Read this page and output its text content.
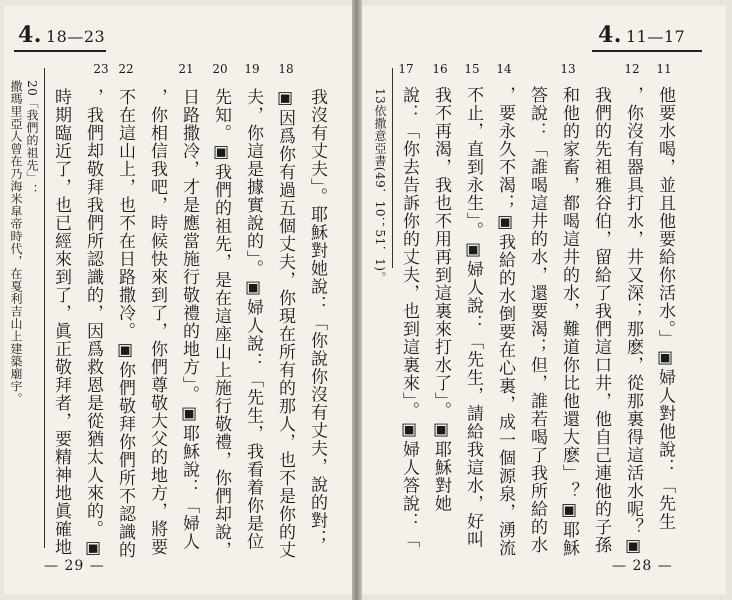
4. 18—23
23 22	21 20 19 18
我沒有丈夫」。耶穌對她說：「你說你沒有丈夫，說的對；
▣因爲你有過五個丈夫，你現在所有的那人，也不是你的丈
夫，你這是據實說的」。▣婦人說：「先生，我看着你是位
先知。▣我們的祖先，是在這座山上施行敬禮，你們却說，
日路撒冷，才是應當施行敬禮的地方」。▣耶穌說：「婦人
，你相信我吧，時候快來到了，你們尊敬大父的地方，將要
不在這山上，也不在日路撒冷。▣你們敬拜你們所不認識的
，我們却敬拜我們所認識的，因爲救恩是從猶太人來的。▣
時期臨近了，也已經來到了，眞正敬拜者，要精神地眞確地
20「我們的祖先」：
撒瑪里亞人曾在乃海米皐帝時代，在戛利吉山上建築廟宇。
— 29 —
4. 11—17
17 16 15 14	13	12 11
他要水喝，並且他要給你活水。」▣婦人對他說：「先生
，你沒有器具打水，井又深；那麽，從那裏得這活水呢？▣
我們的先祖雅谷伯，留給了我們這口井，他自己連他的子孫
和他的家畜，都喝這井的水，難道你比他還大麽」？▣耶穌
答說：「誰喝這井的水，還要渴；但，誰若喝了我所給的水
，要永久不渴；▣我給的水倒要在心裏，成一個源泉，湧流
不止，直到永生」。▣婦人說：「先生，請給我這水，好叫
我不再渴，我也不用再到這裏來打水了」。▣耶穌對她
說：「你去告訴你的丈夫，也到這裏來」。▣婦人答說：「
13依撒意亞書(49．10；51．1)。
— 28 —
